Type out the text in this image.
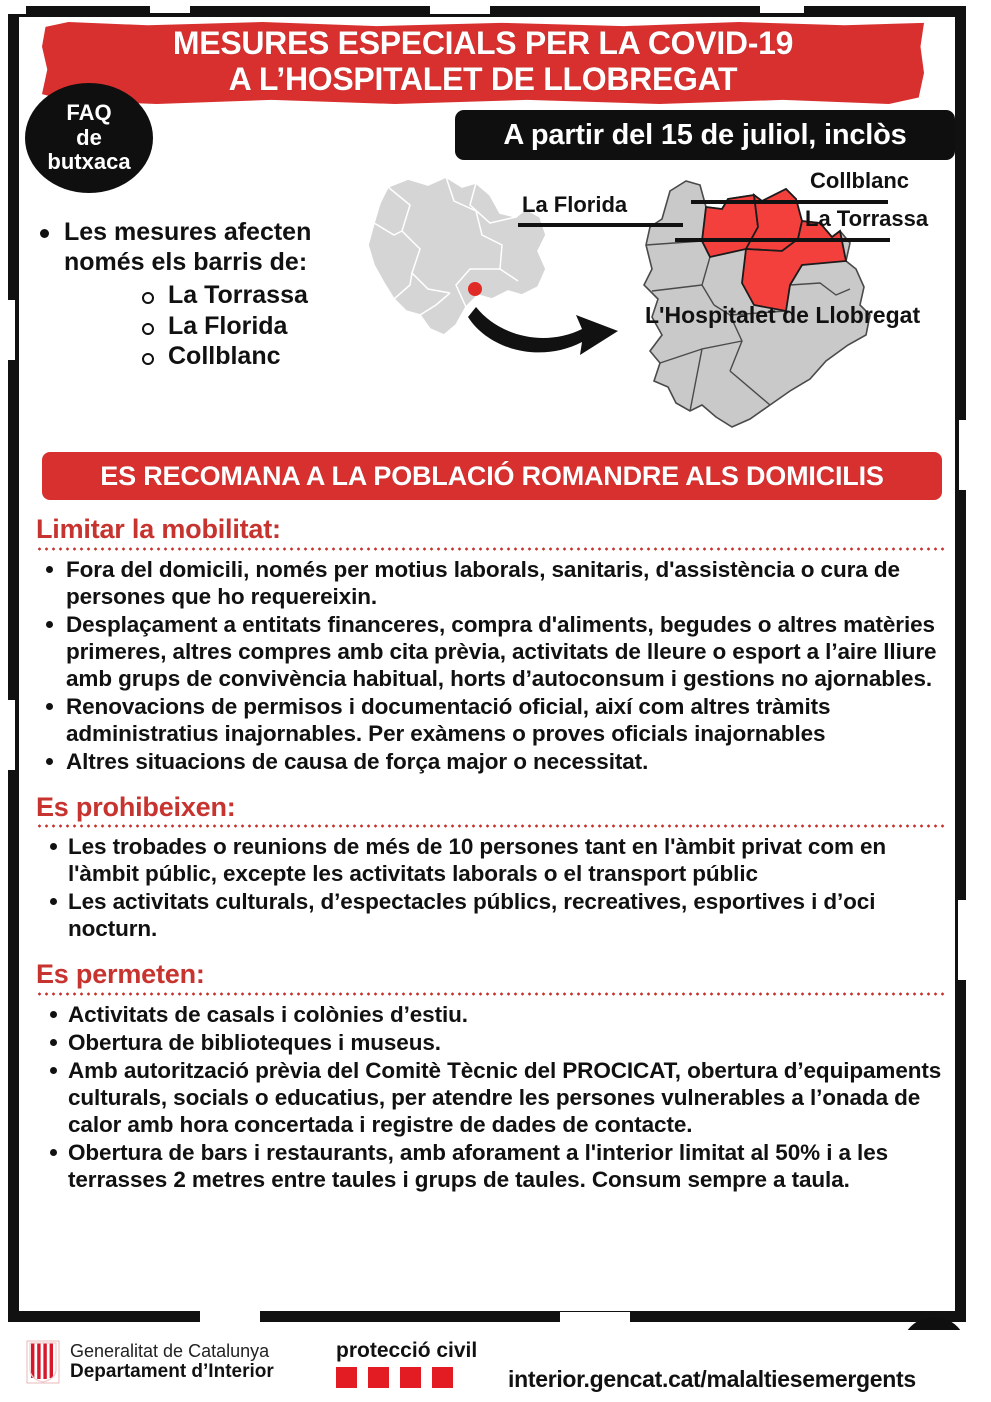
MESURES ESPECIALS PER LA COVID-19
A L’HOSPITALET DE LLOBREGAT
FAQ
de
butxaca
A partir del 15 de juliol, inclòs
Les mesures afecten només els barris de:
La Torrassa
La Florida
Collblanc
La Florida
Collblanc
La Torrassa
L'Hospitalet de Llobregat
ES RECOMANA A LA POBLACIÓ ROMANDRE ALS DOMICILIS
Limitar la mobilitat:
Fora del domicili, només per motius laborals, sanitaris, d'assistència o cura de persones que ho requereixin.
Desplaçament a entitats financeres, compra d'aliments, begudes o altres matèries primeres, altres compres amb cita prèvia, activitats de lleure o esport a l’aire lliure amb grups de convivència habitual, horts d’autoconsum i gestions no ajornables.
Renovacions de permisos i documentació oficial, així com altres tràmits administratius inajornables. Per exàmens o proves oficials inajornables
Altres situacions de causa de força major o necessitat.
Es prohibeixen:
Les trobades o reunions de més de 10 persones tant en l'àmbit privat com en l'àmbit públic, excepte les activitats laborals o el transport públic
Les activitats culturals, d’espectacles públics, recreatives, esportives i d’oci nocturn.
Es permeten:
Activitats de casals i colònies d’estiu.
Obertura de biblioteques i museus.
Amb autorització prèvia del Comitè Tècnic del PROCICAT, obertura d’equipaments culturals, socials o educatius, per atendre les persones vulnerables a l’onada de calor amb hora concertada i registre de dades de contacte.
Obertura de bars i restaurants, amb aforament a l'interior limitat al 50% i a les terrasses 2 metres entre taules i grups de taules. Consum sempre a taula.
Generalitat de Catalunya
Departament d’Interior
protecció civil
interior.gencat.cat/malaltiesemergents
